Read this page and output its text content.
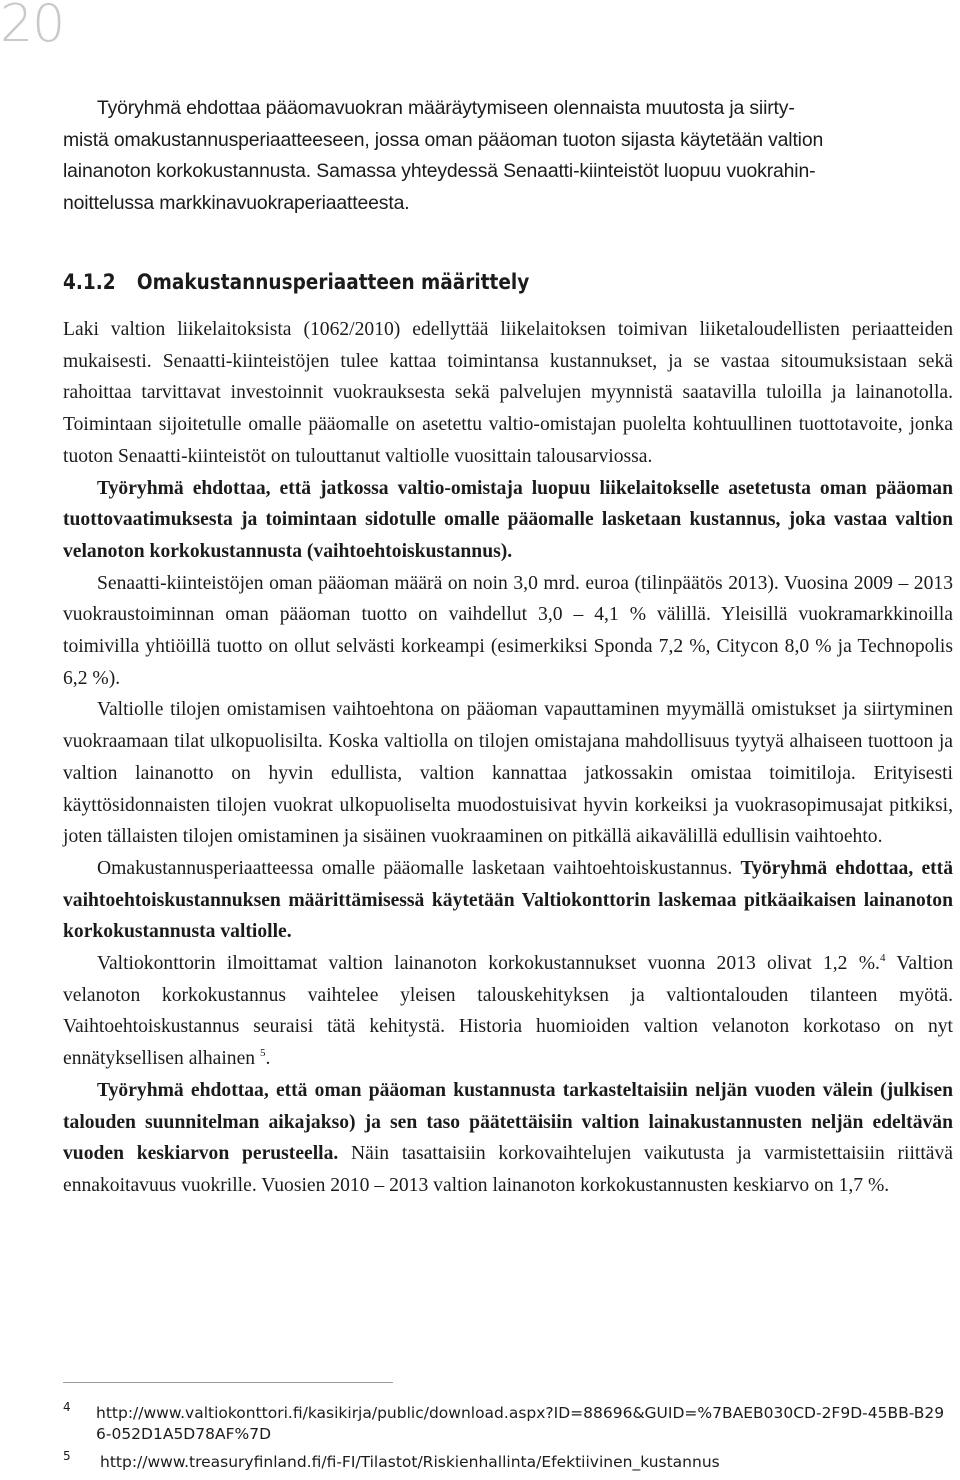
20

Työryhmä ehdottaa pääomavuokran määräytymiseen olennaista muutosta ja siirty-
mistä omakustannusperiaatteeseen, jossa oman pääoman tuoton sijasta käytetään valtion
lainanoton korkokustannusta. Samassa yhteydessä Senaatti-kiinteistöt luopuu vuokrahin-
noittelussa markkinavuokraperiaatteesta.

4.1.2 Omakustannusperiaatteen määrittely

Laki valtion liikelaitoksista (1062/2010) edellyttää liikelaitoksen toimivan liiketaloudellisten periaatteiden mukaisesti. Senaatti-kiinteistöjen tulee kattaa toimintansa kustannukset, ja se vastaa sitoumuksistaan sekä rahoittaa tarvittavat investoinnit vuokrauksesta sekä palvelujen myynnistä saatavilla tuloilla ja lainanotolla. Toimintaan sijoitetulle omalle pääomalle on asetettu valtio-omistajan puolelta kohtuullinen tuottotavoite, jonka tuoton Senaatti-kiinteistöt on tulouttanut valtiolle vuosittain talousarviossa.

Työryhmä ehdottaa, että jatkossa valtio-omistaja luopuu liikelaitokselle asetetusta oman pääoman tuottovaatimuksesta ja toimintaan sidotulle omalle pääomalle lasketaan kustannus, joka vastaa valtion velanoton korkokustannusta (vaihtoehtoiskustannus).

Senaatti-kiinteistöjen oman pääoman määrä on noin 3,0 mrd. euroa (tilinpäätös 2013). Vuosina 2009 – 2013 vuokraustoiminnan oman pääoman tuotto on vaihdellut 3,0 – 4,1 % välillä. Yleisillä vuokramarkkinoilla toimivilla yhtiöillä tuotto on ollut selvästi korkeampi (esimerkiksi Sponda 7,2 %, Citycon 8,0 % ja Technopolis 6,2 %).

Valtiolle tilojen omistamisen vaihtoehtona on pääoman vapauttaminen myymällä omistukset ja siirtyminen vuokraamaan tilat ulkopuolisilta. Koska valtiolla on tilojen omistajana mahdollisuus tyytyä alhaiseen tuottoon ja valtion lainanotto on hyvin edullista, valtion kannattaa jatkossakin omistaa toimitiloja. Erityisesti käyttösidonnaisten tilojen vuokrat ulkopuoliselta muodostuisivat hyvin korkeiksi ja vuokrasopimusajat pitkiksi, joten tällaisten tilojen omistaminen ja sisäinen vuokraaminen on pitkällä aikavälillä edullisin vaihtoehto.

Omakustannusperiaatteessa omalle pääomalle lasketaan vaihtoehtoiskustannus. Työryhmä ehdottaa, että vaihtoehtoiskustannuksen määrittämisessä käytetään Valtiokonttorin laskemaa pitkäaikaisen lainanoton korkokustannusta valtiolle.

Valtiokonttorin ilmoittamat valtion lainanoton korkokustannukset vuonna 2013 olivat 1,2 %.$^4$ Valtion velanoton korkokustannus vaihtelee yleisen talouskehityksen ja valtiontalouden tilanteen myötä. Vaihtoehtoiskustannus seuraisi tätä kehitystä. Historia huomioiden valtion velanoton korkotaso on nyt ennätyksellisen alhainen $^5$.

Työryhmä ehdottaa, että oman pääoman kustannusta tarkasteltaisiin neljän vuoden välein (julkisen talouden suunnitelman aikajakso) ja sen taso päätettäisiin valtion lainakustannusten neljän edeltävän vuoden keskiarvon perusteella. Näin tasattaisiin korkovaihtelujen vaikutusta ja varmistettaisiin riittävä ennakoitavuus vuokrille. Vuosien 2010 – 2013 valtion lainanoton korkokustannusten keskiarvo on 1,7 %.

4	http://www.valtiokonttori.fi/kasikirja/public/download.aspx?ID=88696&GUID=%7BAEB030CD-2F9D-45BB-B296-052D1A5D78AF%7D
5	http://www.treasuryfinland.fi/fi-FI/Tilastot/Riskienhallinta/Efektiivinen_kustannus
